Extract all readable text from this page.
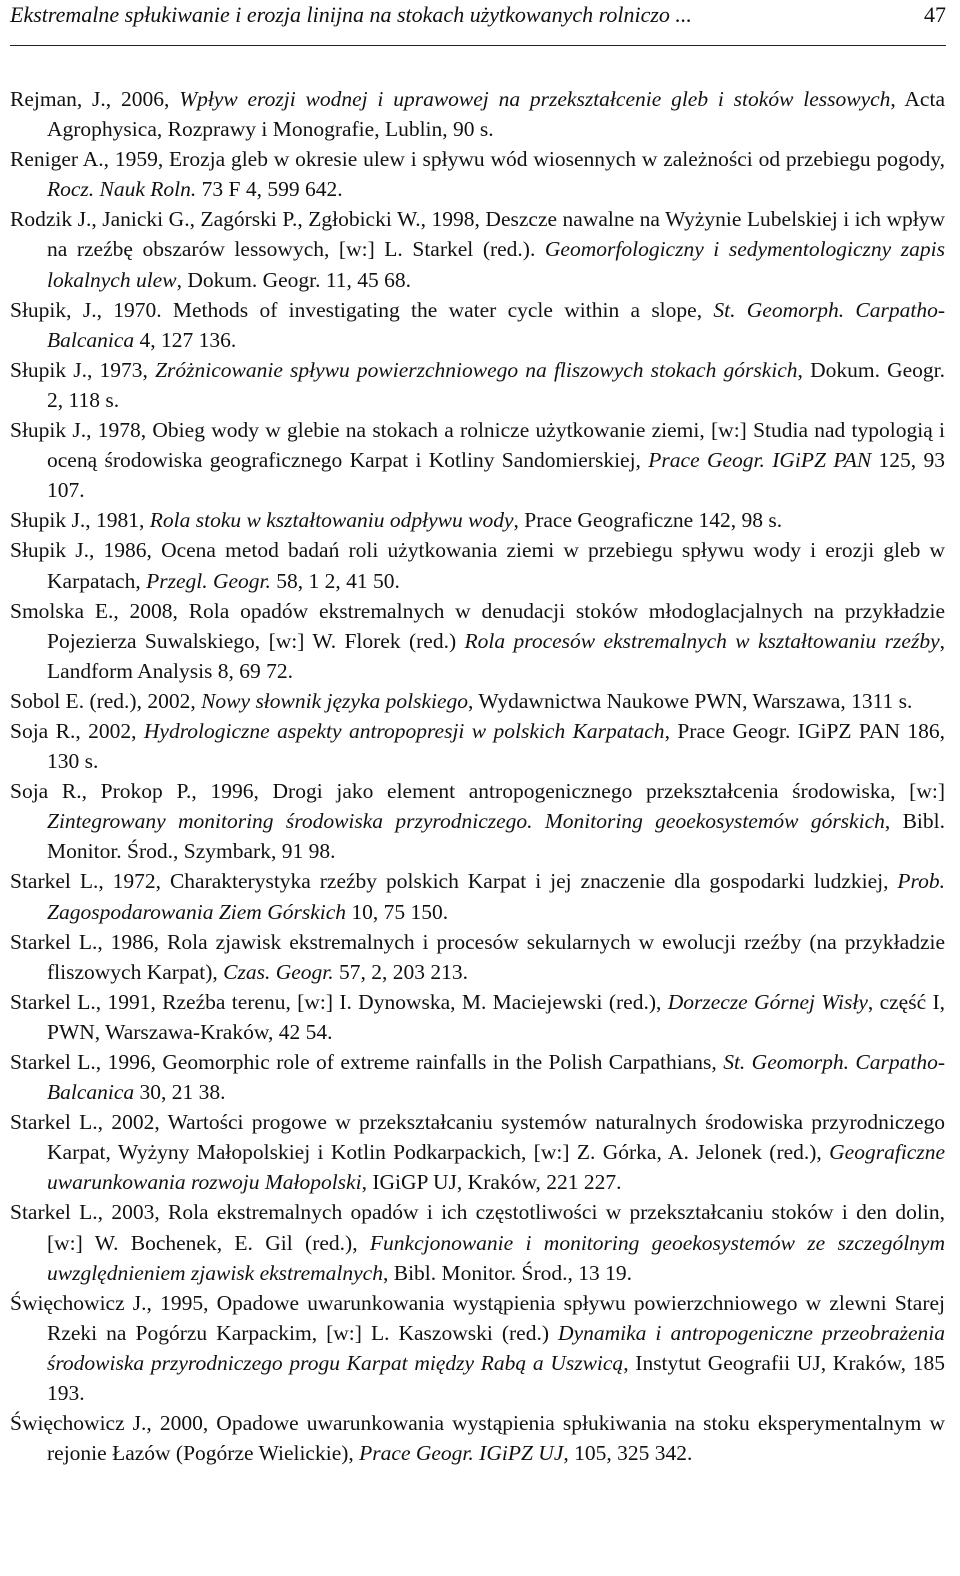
Ekstremalne spłukiwanie i erozja linijna na stokach użytkowanych rolniczo ...	47

Rejman, J., 2006, Wpływ erozji wodnej i uprawowej na przekształcenie gleb i stoków lessowych, Acta Agrophysica, Rozprawy i Monografie, Lublin, 90 s.

Reniger A., 1959, Erozja gleb w okresie ulew i spływu wód wiosennych w zależności od przebiegu pogody, Rocz. Nauk Roln. 73 F 4, 599 642.

Rodzik J., Janicki G., Zagórski P., Zgłobicki W., 1998, Deszcze nawalne na Wyżynie Lubelskiej i ich wpływ na rzeźbę obszarów lessowych, [w:] L. Starkel (red.). Geomorfologiczny i sedymentologiczny zapis lokalnych ulew, Dokum. Geogr. 11, 45 68.

Słupik, J., 1970. Methods of investigating the water cycle within a slope, St. Geomorph. Carpatho-Balcanica 4, 127 136.

Słupik J., 1973, Zróżnicowanie spływu powierzchniowego na fliszowych stokach górskich, Dokum. Geogr. 2, 118 s.

Słupik J., 1978, Obieg wody w glebie na stokach a rolnicze użytkowanie ziemi, [w:] Studia nad typologią i oceną środowiska geograficznego Karpat i Kotliny Sandomierskiej, Prace Geogr. IGiPZ PAN 125, 93 107.

Słupik J., 1981, Rola stoku w kształtowaniu odpływu wody, Prace Geograficzne 142, 98 s.

Słupik J., 1986, Ocena metod badań roli użytkowania ziemi w przebiegu spływu wody i erozji gleb w Karpatach, Przegl. Geogr. 58, 1 2, 41 50.

Smolska E., 2008, Rola opadów ekstremalnych w denudacji stoków młodoglacjalnych na przykładzie Pojezierza Suwalskiego, [w:] W. Florek (red.) Rola procesów ekstremalnych w kształtowaniu rzeźby, Landform Analysis 8, 69 72.

Sobol E. (red.), 2002, Nowy słownik języka polskiego, Wydawnictwa Naukowe PWN, Warszawa, 1311 s.

Soja R., 2002, Hydrologiczne aspekty antropopresji w polskich Karpatach, Prace Geogr. IGiPZ PAN 186, 130 s.

Soja R., Prokop P., 1996, Drogi jako element antropogenicznego przekształcenia środowiska, [w:] Zintegrowany monitoring środowiska przyrodniczego. Monitoring geoekosystemów górskich, Bibl. Monitor. Środ., Szymbark, 91 98.

Starkel L., 1972, Charakterystyka rzeźby polskich Karpat i jej znaczenie dla gospodarki ludzkiej, Prob. Zagospodarowania Ziem Górskich 10, 75 150.

Starkel L., 1986, Rola zjawisk ekstremalnych i procesów sekularnych w ewolucji rzeźby (na przykładzie fliszowych Karpat), Czas. Geogr. 57, 2, 203 213.

Starkel L., 1991, Rzeźba terenu, [w:] I. Dynowska, M. Maciejewski (red.), Dorzecze Górnej Wisły, część I, PWN, Warszawa-Kraków, 42 54.

Starkel L., 1996, Geomorphic role of extreme rainfalls in the Polish Carpathians, St. Geomorph. Carpatho-Balcanica 30, 21 38.

Starkel L., 2002, Wartości progowe w przekształcaniu systemów naturalnych środowiska przyrodniczego Karpat, Wyżyny Małopolskiej i Kotlin Podkarpackich, [w:] Z. Górka, A. Jelonek (red.), Geograficzne uwarunkowania rozwoju Małopolski, IGiGP UJ, Kraków, 221 227.

Starkel L., 2003, Rola ekstremalnych opadów i ich częstotliwości w przekształcaniu stoków i den dolin, [w:] W. Bochenek, E. Gil (red.), Funkcjonowanie i monitoring geoekosystemów ze szczególnym uwzględnieniem zjawisk ekstremalnych, Bibl. Monitor. Środ., 13 19.

Święchowicz J., 1995, Opadowe uwarunkowania wystąpienia spływu powierzchniowego w zlewni Starej Rzeki na Pogórzu Karpackim, [w:] L. Kaszowski (red.) Dynamika i antropogeniczne przeobrażenia środowiska przyrodniczego progu Karpat między Rabą a Uszwicą, Instytut Geografii UJ, Kraków, 185 193.

Święchowicz J., 2000, Opadowe uwarunkowania wystąpienia spłukiwania na stoku eksperymentalnym w rejonie Łazów (Pogórze Wielickie), Prace Geogr. IGiPZ UJ, 105, 325 342.
